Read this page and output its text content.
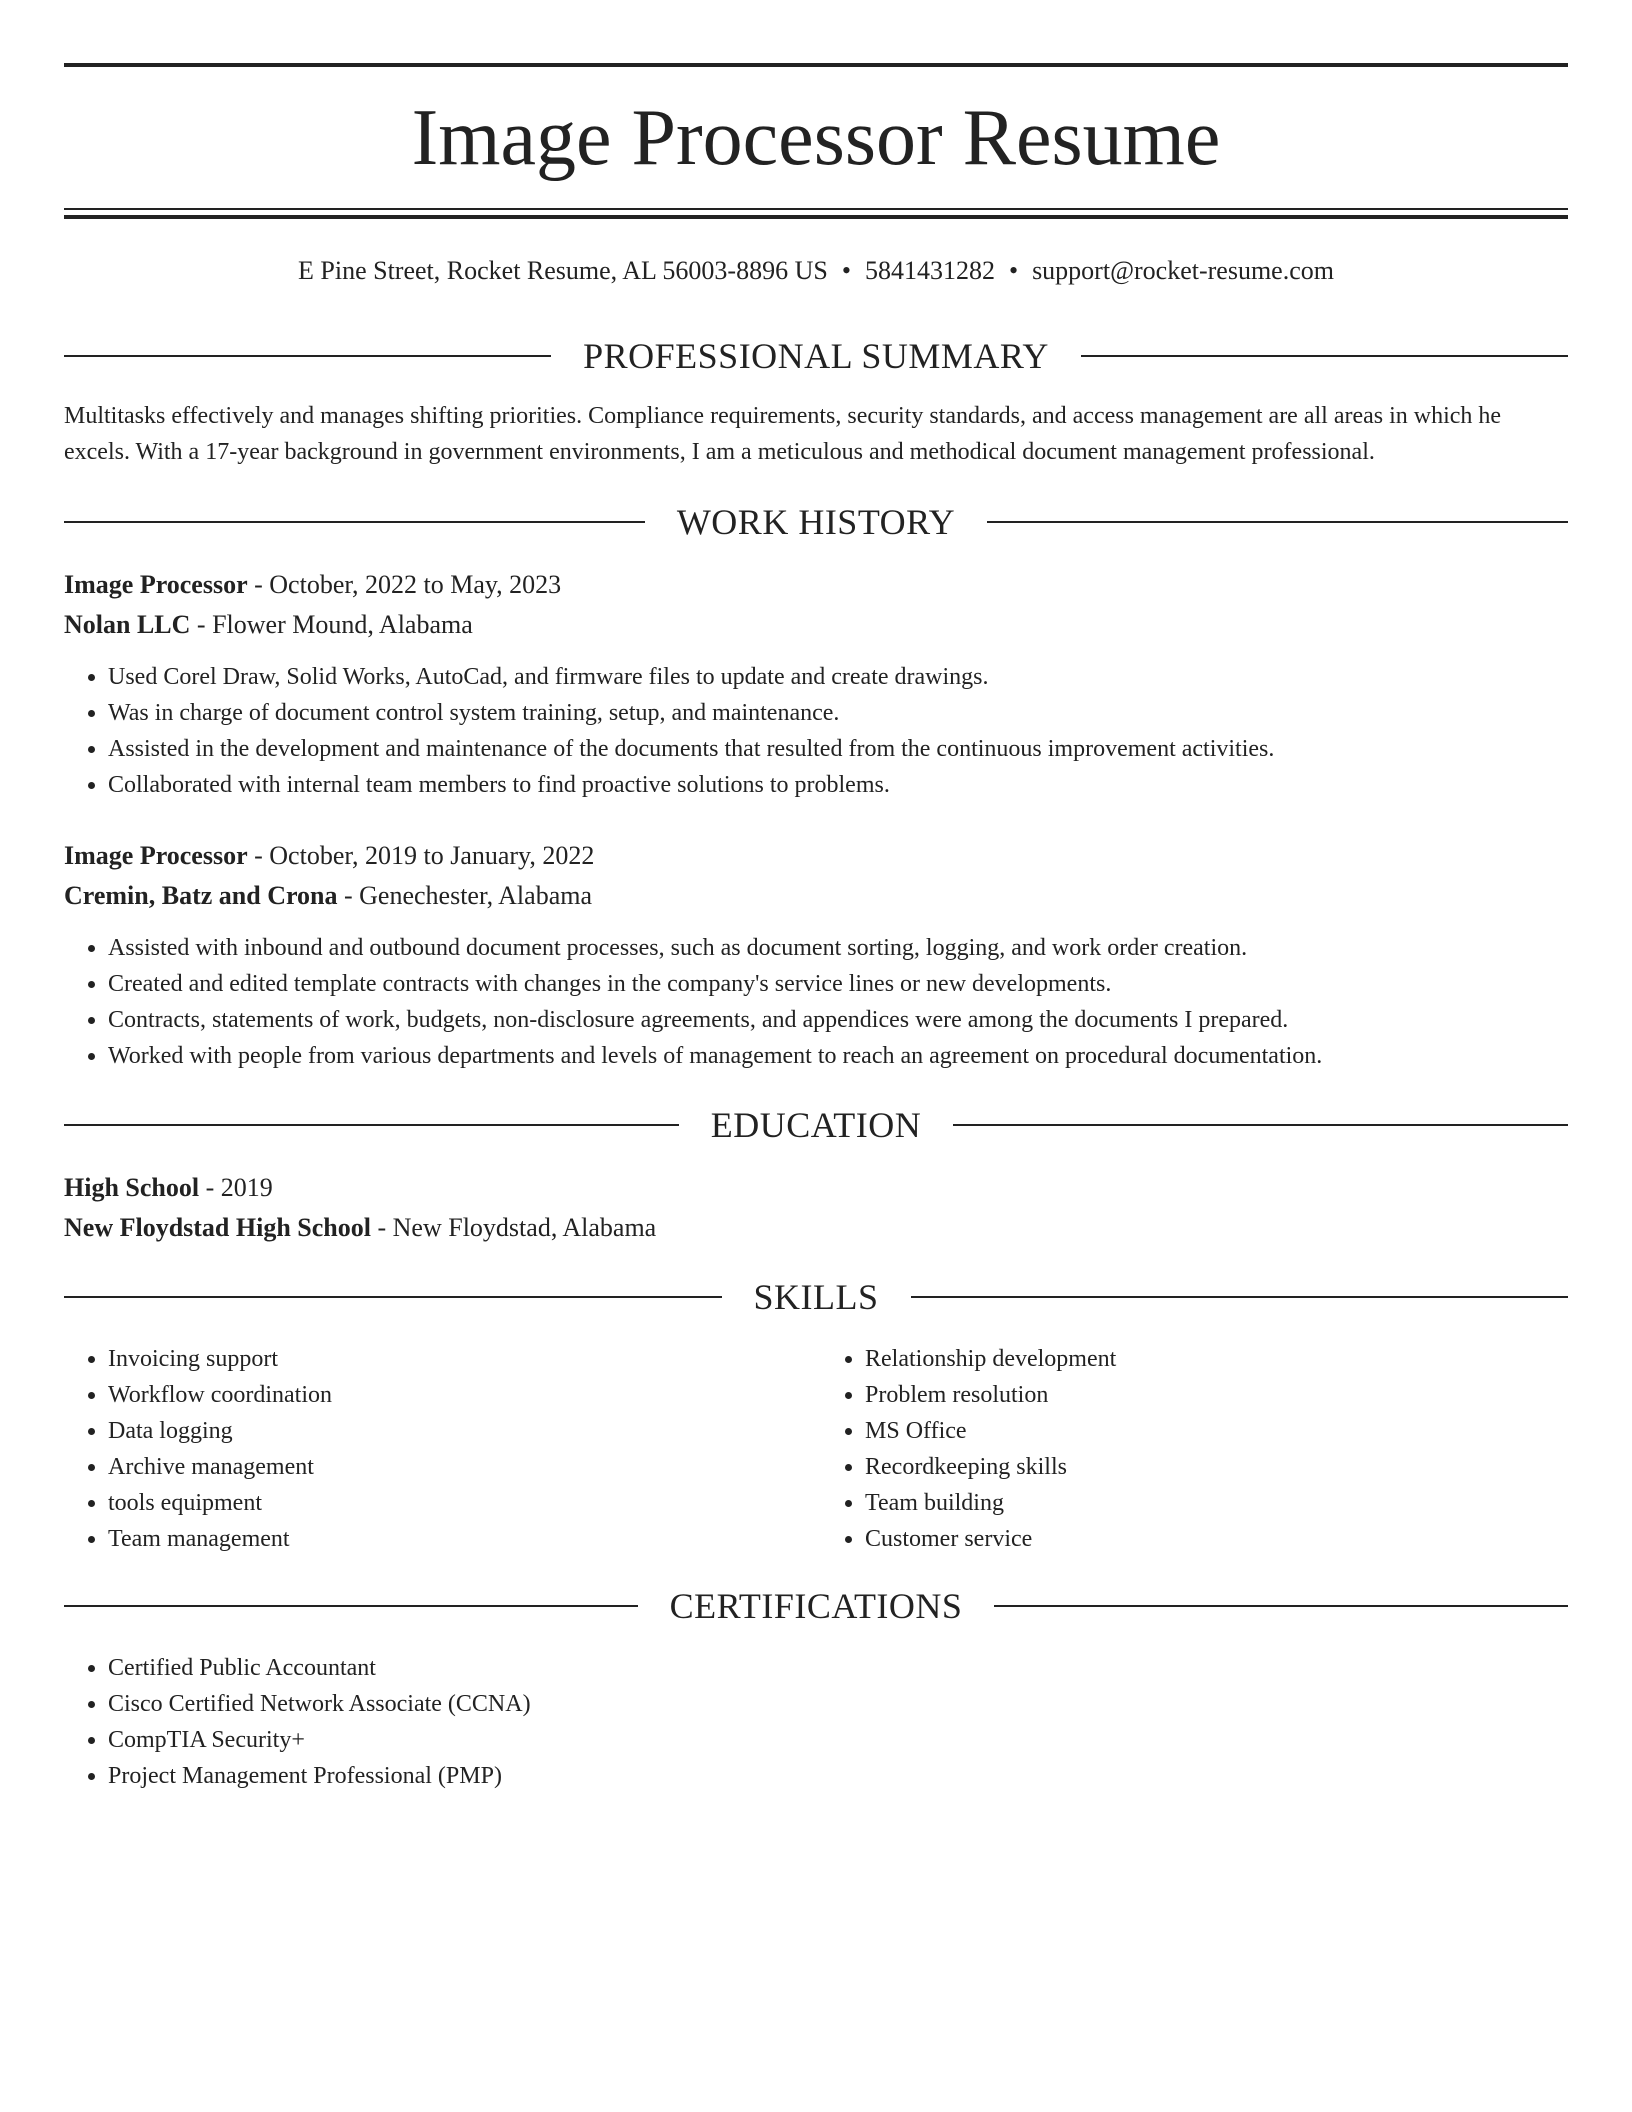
Image Processor Resume
E Pine Street, Rocket Resume, AL 56003-8896 US • 5841431282 • support@rocket-resume.com
PROFESSIONAL SUMMARY

Multitasks effectively and manages shifting priorities. Compliance requirements, security standards, and access management are all areas in which he excels. With a 17-year background in government environments, I am a meticulous and methodical document management professional.

WORK HISTORY

Image Processor - October, 2022 to May, 2023

Nolan LLC - Flower Mound, Alabama

• Used Corel Draw, Solid Works, AutoCad, and firmware files to update and create drawings.
• Was in charge of document control system training, setup, and maintenance.
• Assisted in the development and maintenance of the documents that resulted from the continuous improvement activities.
• Collaborated with internal team members to find proactive solutions to problems.

Image Processor - October, 2019 to January, 2022

Cremin, Batz and Crona - Genechester, Alabama

• Assisted with inbound and outbound document processes, such as document sorting, logging, and work order creation.
• Created and edited template contracts with changes in the company's service lines or new developments.
• Contracts, statements of work, budgets, non-disclosure agreements, and appendices were among the documents I prepared.
• Worked with people from various departments and levels of management to reach an agreement on procedural documentation.
EDUCATION

High School - 2019

New Floydstad High School - New Floydstad, Alabama

SKILLS
• Invoicing support
• Workflow coordination
• Data logging
• Archive management
• tools equipment
• Team management
• Relationship development
• Problem resolution
• MS Office
• Recordkeeping skills
• Team building
• Customer service
CERTIFICATIONS
• Certified Public Accountant
• Cisco Certified Network Associate (CCNA)
• CompTIA Security+
• Project Management Professional (PMP)
